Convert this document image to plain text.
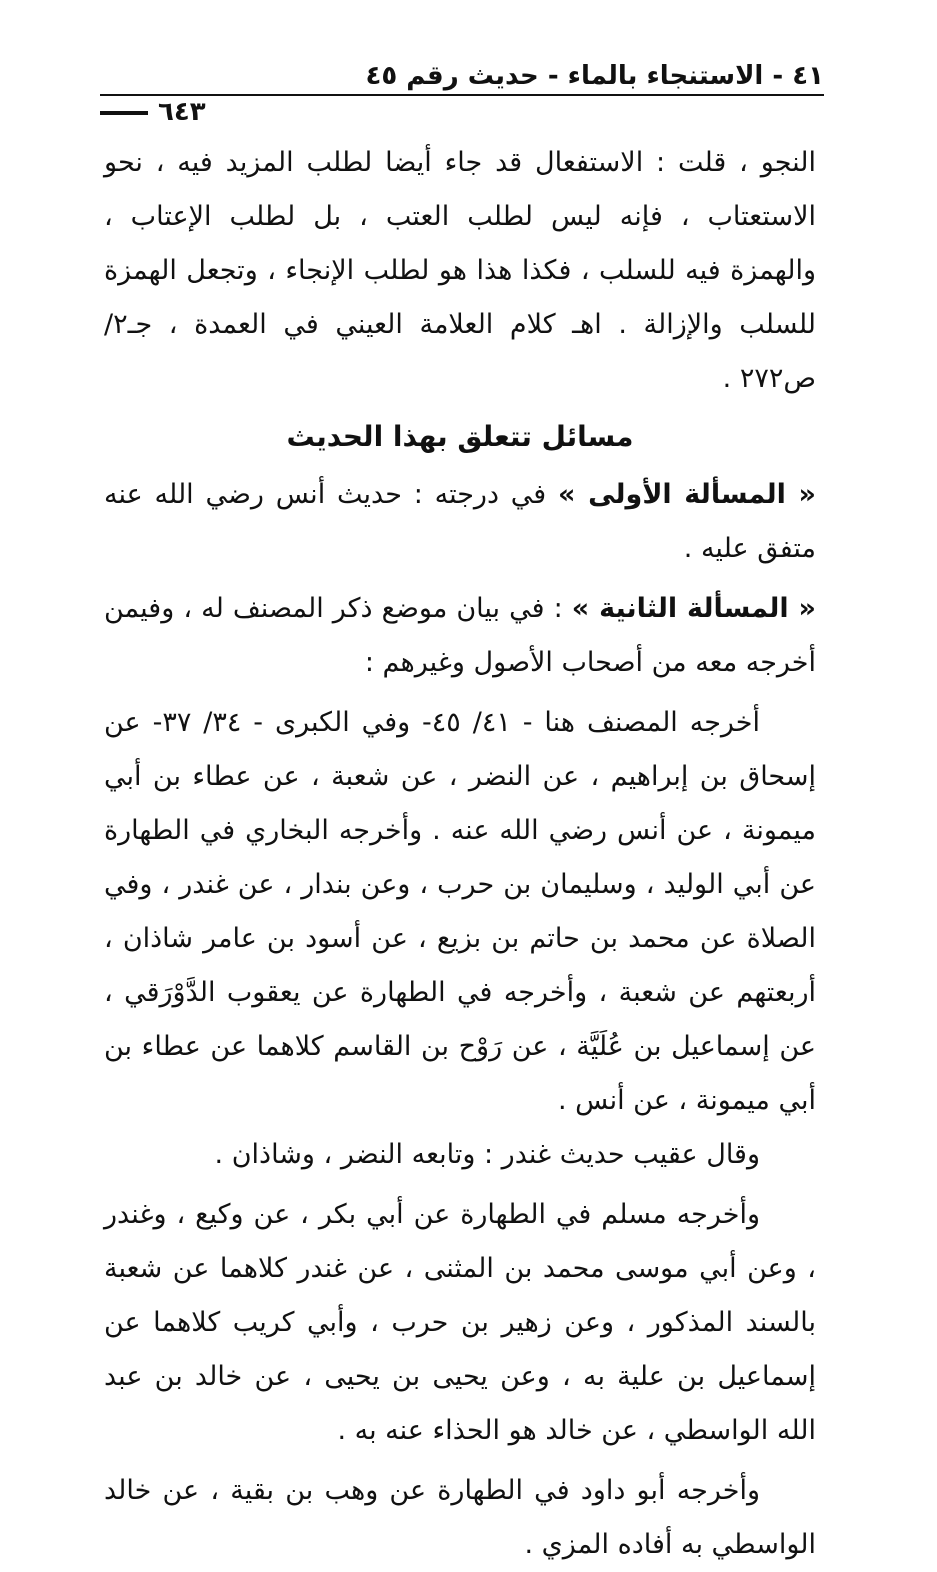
٤١ - الاستنجاء بالماء - حديث رقم ٤٥
٦٤٣

النجو ، قلت : الاستفعال قد جاء أيضا لطلب المزيد فيه ، نحو الاستعتاب ، فإنه ليس لطلب العتب ، بل لطلب الإعتاب ، والهمزة فيه للسلب ، فكذا هذا هو لطلب الإنجاء ، وتجعل الهمزة للسلب والإزالة . اهـ كلام العلامة العيني في العمدة ، جـ٢/ ص٢٧٢ .

مسائل تتعلق بهذا الحديث

« المسألة الأولى » في درجته : حديث أنس رضي الله عنه متفق عليه .

« المسألة الثانية » : في بيان موضع ذكر المصنف له ، وفيمن أخرجه معه من أصحاب الأصول وغيرهم :

أخرجه المصنف هنا - ٤١/ ٤٥- وفي الكبرى - ٣٤/ ٣٧- عن إسحاق بن إبراهيم ، عن النضر ، عن شعبة ، عن عطاء بن أبي ميمونة ، عن أنس رضي الله عنه . وأخرجه البخاري في الطهارة عن أبي الوليد ، وسليمان بن حرب ، وعن بندار ، عن غندر ، وفي الصلاة عن محمد بن حاتم بن بزيع ، عن أسود بن عامر شاذان ، أربعتهم عن شعبة ، وأخرجه في الطهارة عن يعقوب الدَّوْرَقي ، عن إسماعيل بن عُلَيَّة ، عن رَوْح بن القاسم كلاهما عن عطاء بن أبي ميمونة ، عن أنس .

وقال عقيب حديث غندر : وتابعه النضر ، وشاذان .

وأخرجه مسلم في الطهارة عن أبي بكر ، عن وكيع ، وغندر ، وعن أبي موسى محمد بن المثنى ، عن غندر كلاهما عن شعبة بالسند المذكور ، وعن زهير بن حرب ، وأبي كريب كلاهما عن إسماعيل بن علية به ، وعن يحيى بن يحيى ، عن خالد بن عبد الله الواسطي ، عن خالد هو الحذاء عنه به .

وأخرجه أبو داود في الطهارة عن وهب بن بقية ، عن خالد الواسطي به أفاده المزي .
